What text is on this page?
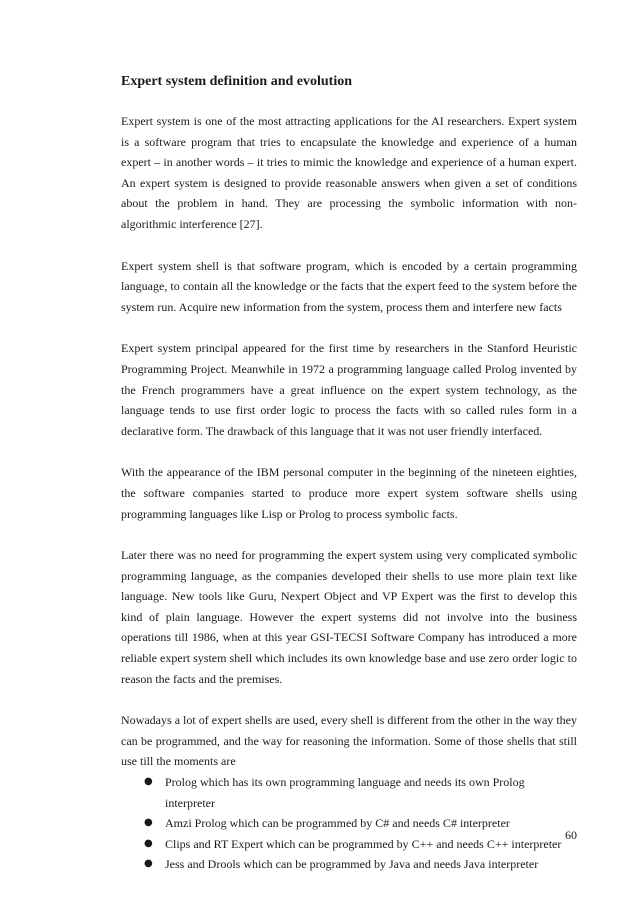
Expert system definition and evolution

Expert system is one of the most attracting applications for the AI researchers. Expert system is a software program that tries to encapsulate the knowledge and experience of a human expert – in another words – it tries to mimic the knowledge and experience of a human expert. An expert system is designed to provide reasonable answers when given a set of conditions about the problem in hand. They are processing the symbolic information with non-algorithmic interference [27].

Expert system shell is that software program, which is encoded by a certain programming language, to contain all the knowledge or the facts that the expert feed to the system before the system run. Acquire new information from the system, process them and interfere new facts

Expert system principal appeared for the first time by researchers in the Stanford Heuristic Programming Project. Meanwhile in 1972 a programming language called Prolog invented by the French programmers have a great influence on the expert system technology, as the language tends to use first order logic to process the facts with so called rules form in a declarative form. The drawback of this language that it was not user friendly interfaced.

With the appearance of the IBM personal computer in the beginning of the nineteen eighties, the software companies started to produce more expert system software shells using programming languages like Lisp or Prolog to process symbolic facts.

Later there was no need for programming the expert system using very complicated symbolic programming language, as the companies developed their shells to use more plain text like language. New tools like Guru, Nexpert Object and VP Expert was the first to develop this kind of plain language. However the expert systems did not involve into the business operations till 1986, when at this year GSI-TECSI Software Company has introduced a more reliable expert system shell which includes its own knowledge base and use zero order logic to reason the facts and the premises.

Nowadays a lot of expert shells are used, every shell is different from the other in the way they can be programmed, and the way for reasoning the information. Some of those shells that still use till the moments are

● Prolog which has its own programming language and needs its own Prolog interpreter
● Amzi Prolog which can be programmed by C# and needs C# interpreter
● Clips and RT Expert which can be programmed by C++ and needs C++ interpreter
● Jess and Drools which can be programmed by Java and needs Java interpreter
60
